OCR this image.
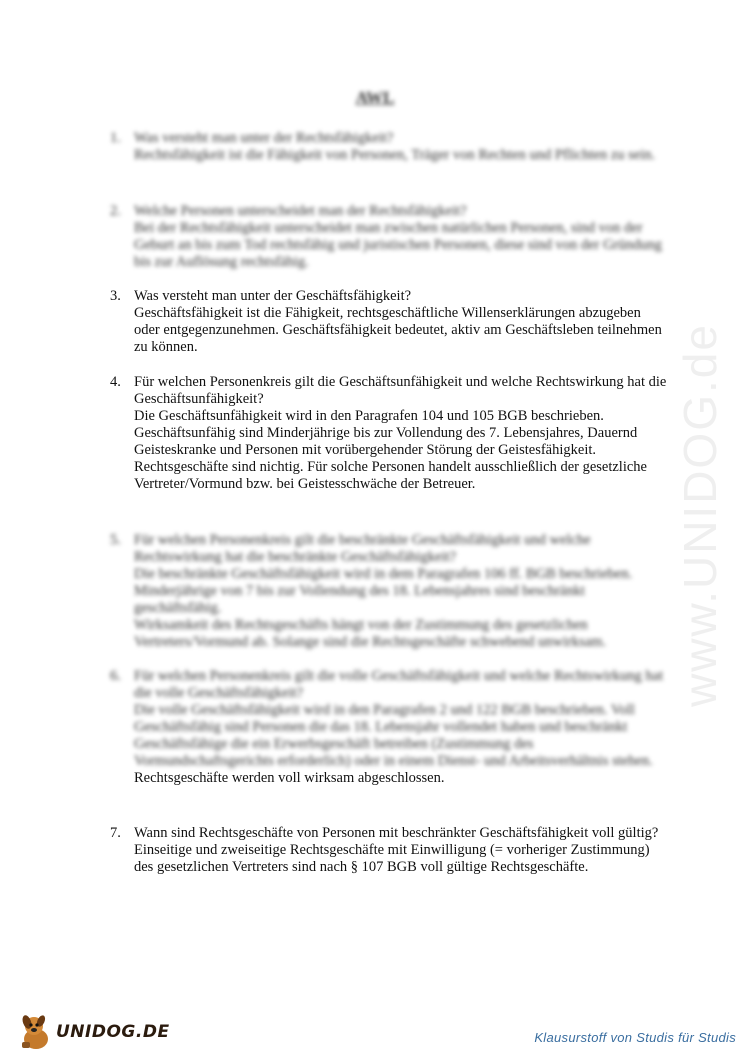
www.UNIDOG.de
AWL
1. Was versteht man unter der Rechtsfähigkeit?
Rechtsfähigkeit ist die Fähigkeit von Personen, Träger von Rechten und Pflichten zu sein.
2. Welche Personen unterscheidet man der Rechtsfähigkeit?
Bei der Rechtsfähigkeit unterscheidet man zwischen natürlichen Personen, sind von der Geburt an bis zum Tod rechtsfähig und juristischen Personen, diese sind von der Gründung bis zur Auflösung rechtsfähig.
3. Was versteht man unter der Geschäftsfähigkeit?
Geschäftsfähigkeit ist die Fähigkeit, rechtsgeschäftliche Willenserklärungen abzugeben oder entgegenzunehmen. Geschäftsfähigkeit bedeutet, aktiv am Geschäftsleben teilnehmen zu können.
4. Für welchen Personenkreis gilt die Geschäftsunfähigkeit und welche Rechtswirkung hat die Geschäftsunfähigkeit?
Die Geschäftsunfähigkeit wird in den Paragrafen 104 und 105 BGB beschrieben. Geschäftsunfähig sind Minderjährige bis zur Vollendung des 7. Lebensjahres, Dauernd Geisteskranke und Personen mit vorübergehender Störung der Geistesfähigkeit.
Rechtsgeschäfte sind nichtig. Für solche Personen handelt ausschließlich der gesetzliche Vertreter/Vormund bzw. bei Geistesschwäche der Betreuer.
5. Für welchen Personenkreis gilt die beschränkte Geschäftsfähigkeit und welche Rechtswirkung hat die beschränkte Geschäftsfähigkeit?
Die beschränkte Geschäftsfähigkeit wird in dem Paragrafen 106 ff. BGB beschrieben. Minderjährige von 7 bis zur Vollendung des 18. Lebensjahres sind beschränkt geschäftsfähig.
Wirksamkeit des Rechtsgeschäfts hängt von der Zustimmung des gesetzlichen Vertreters/Vormund ab. Solange sind die Rechtsgeschäfte schwebend unwirksam.
6. Für welchen Personenkreis gilt die volle Geschäftsfähigkeit und welche Rechtswirkung hat die volle Geschäftsfähigkeit?
Die volle Geschäftsfähigkeit wird in den Paragrafen 2 und 122 BGB beschrieben. Voll Geschäftsfähig sind Personen die das 18. Lebensjahr vollendet haben und beschränkt Geschäftsfähige die ein Erwerbsgeschäft betreiben (Zustimmung des Vormundschaftsgerichts erforderlich) oder in einem Dienst- und Arbeitsverhältnis stehen.
Rechtsgeschäfte werden voll wirksam abgeschlossen.
7. Wann sind Rechtsgeschäfte von Personen mit beschränkter Geschäftsfähigkeit voll gültig?
Einseitige und zweiseitige Rechtsgeschäfte mit Einwilligung (= vorheriger Zustimmung) des gesetzlichen Vertreters sind nach § 107 BGB voll gültige Rechtsgeschäfte.
UNIDOG.DE	Klausurstoff von Studis für Studis
